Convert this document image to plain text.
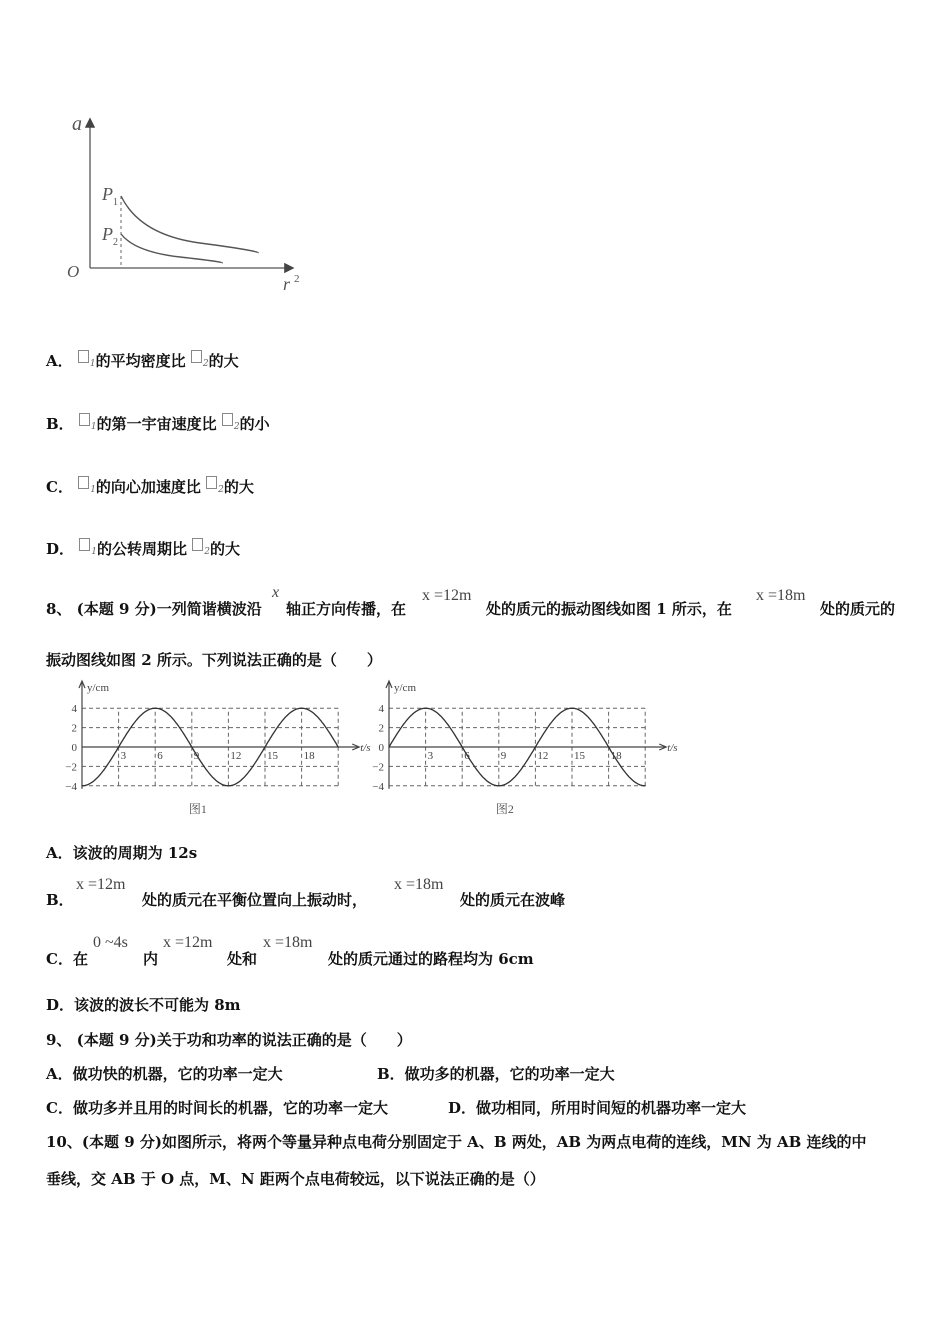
a
O
r 2
P 1
P 2
A． 1的平均密度比 2的大
B． 1的第一宇宙速度比 2的小
C． 1的向心加速度比 2的大
D． 1的公转周期比 2的大
8、 (本题 9 分)一列简谐横波沿
x
轴正方向传播，在
x =12m
处的质元的振动图线如图 1 所示，在
x =18m
处的质元的
振动图线如图 2 所示。下列说法正确的是（　　）
y/cm
t/s
4
2
0
−2
−4
3	6	9	12 15 18
图1
y/cm
t/s
4
2
0
−2
−4
3	6	9	12 15 18
图2
A．该波的周期为 12s
B．
x =12m
处的质元在平衡位置向上振动时，
x =18m
处的质元在波峰
C．在
0 ~4s
内
x =12m
处和
x =18m
处的质元通过的路程均为 6cm
D．该波的波长不可能为 8m
9、 (本题 9 分)关于功和功率的说法正确的是（　　）
A．做功快的机器，它的功率一定大	B．做功多的机器，它的功率一定大
C．做功多并且用的时间长的机器，它的功率一定大	D．做功相同，所用时间短的机器功率一定大
10、(本题 9 分)如图所示，将两个等量异种点电荷分别固定于 A、B 两处，AB 为两点电荷的连线，MN 为 AB 连线的中
垂线，交 AB 于 O 点，M、N 距两个点电荷较远，以下说法正确的是（）
